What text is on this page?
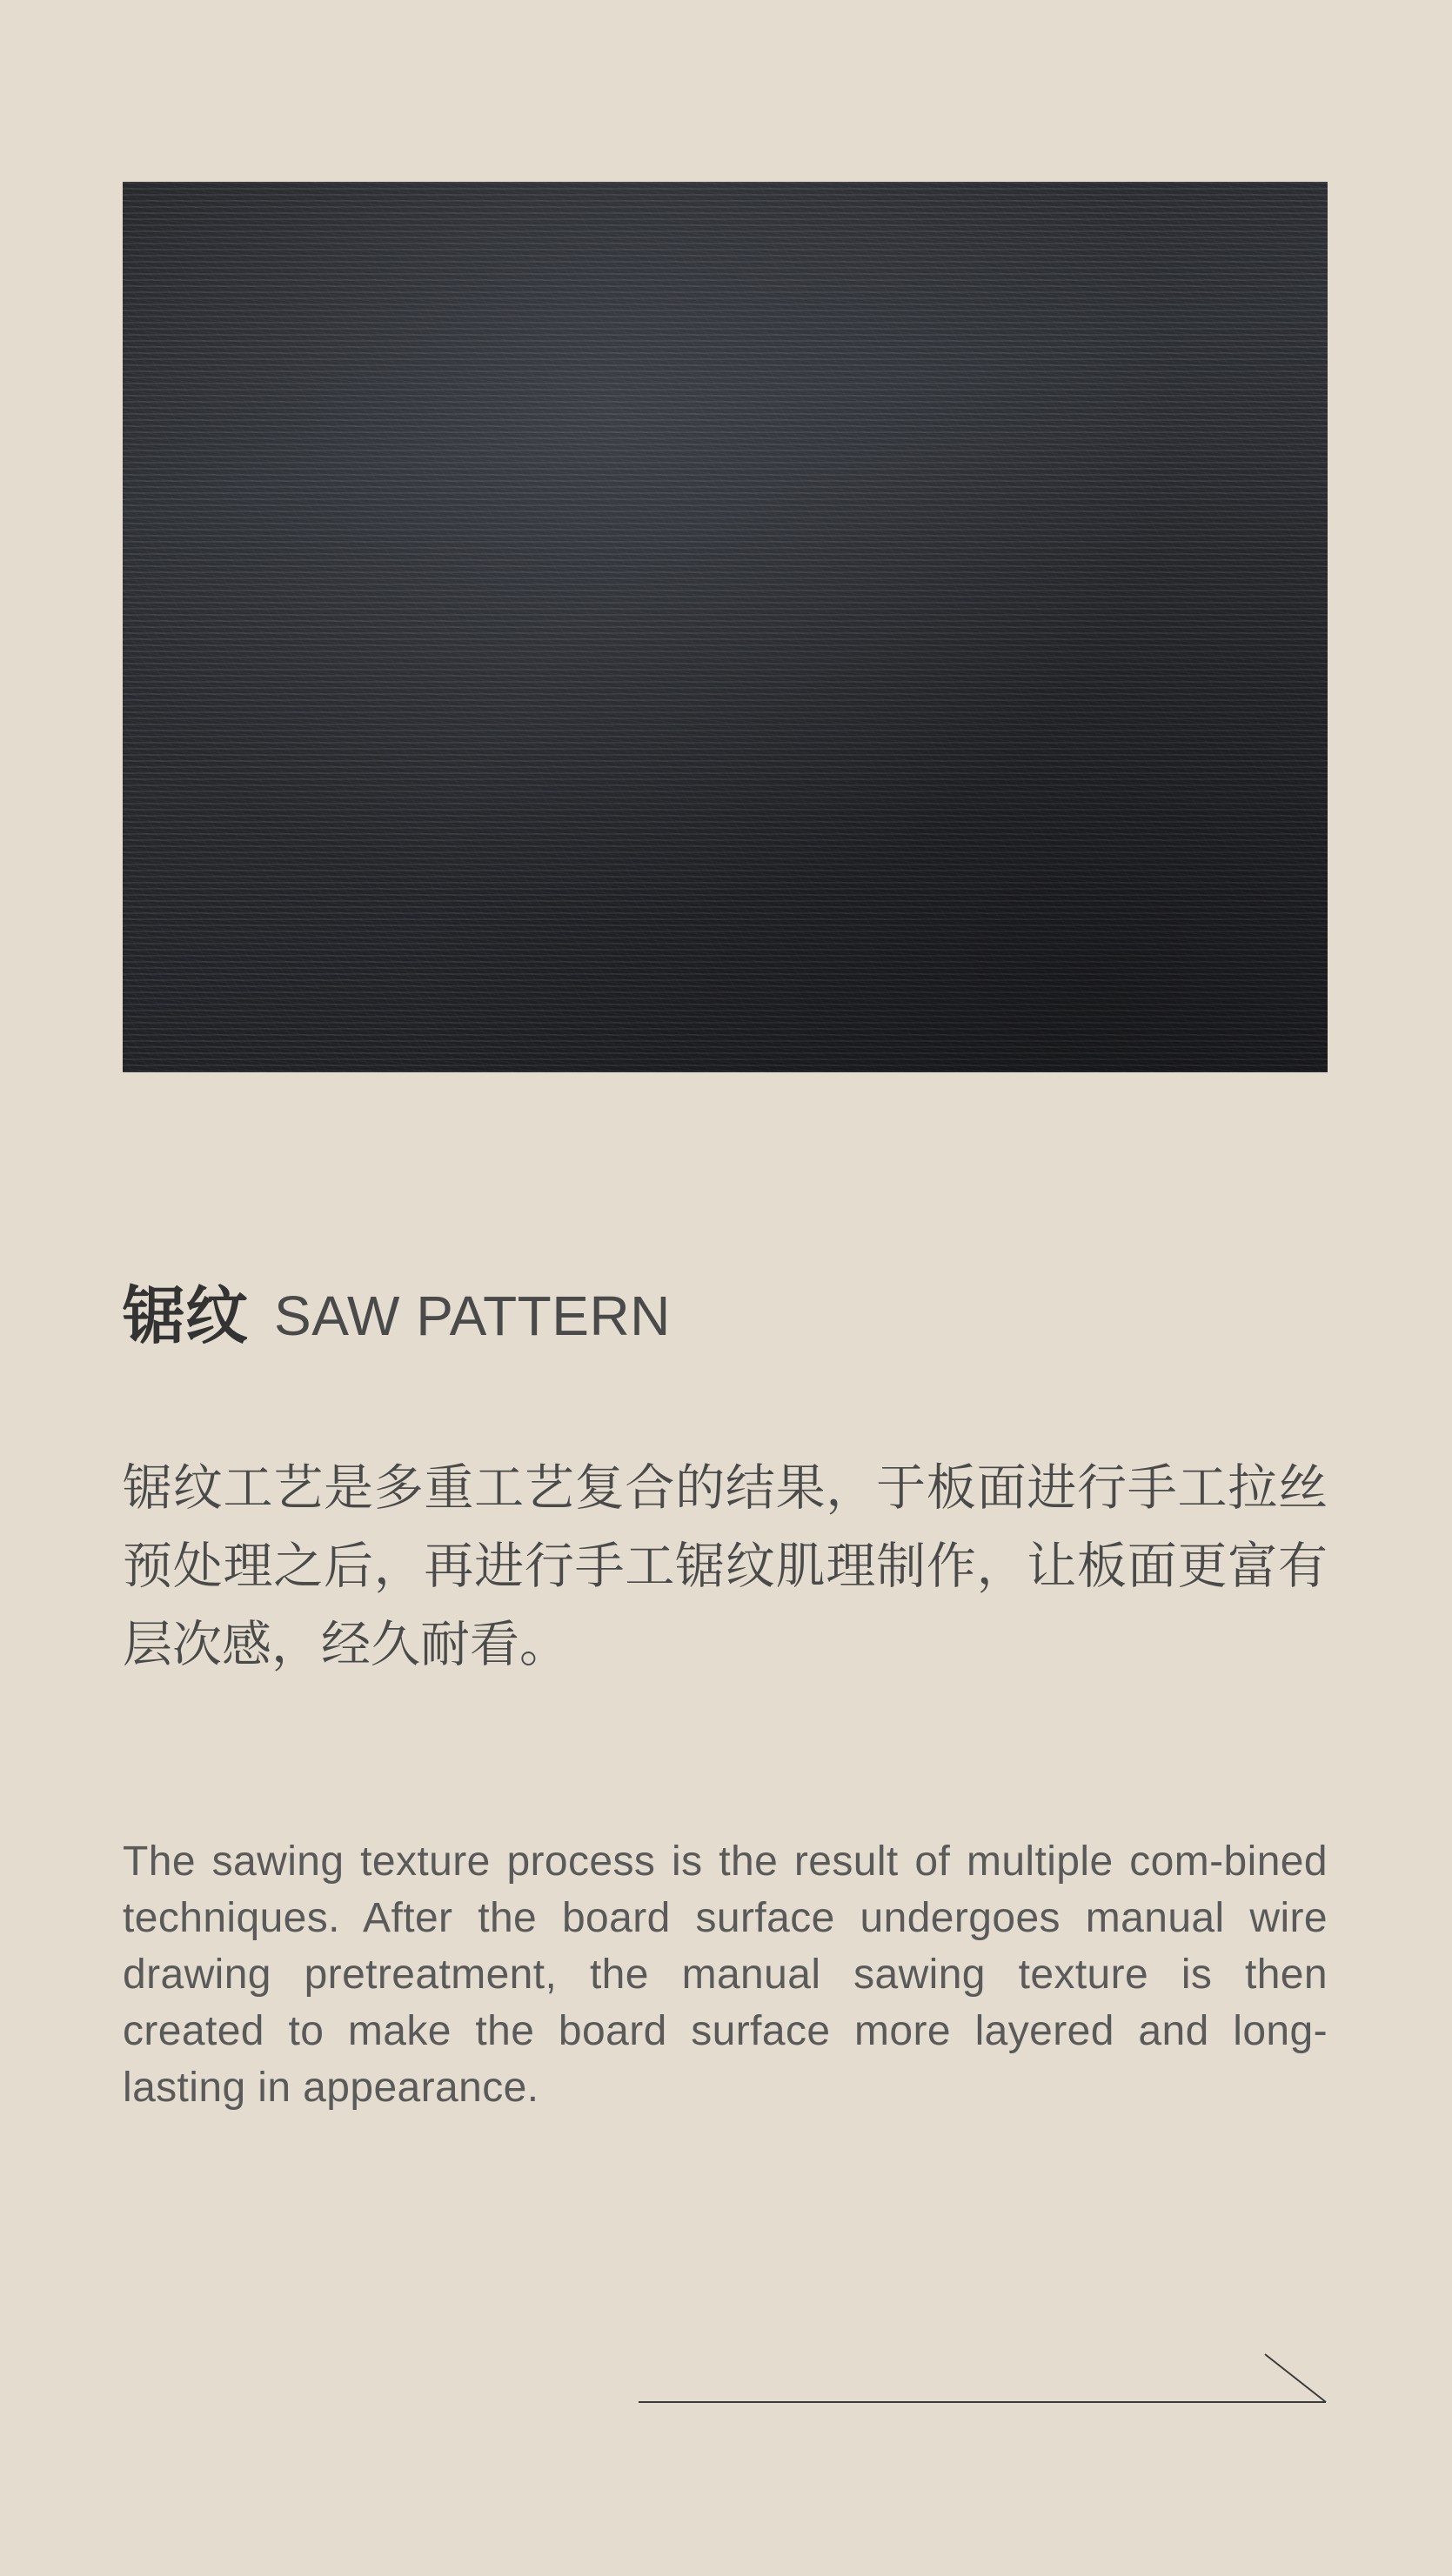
锯纹 SAW PATTERN

锯纹工艺是多重工艺复合的结果，于板面进行手工拉丝预处理之后，再进行手工锯纹肌理制作，让板面更富有层次感，经久耐看。

The sawing texture process is the result of multiple com-bined techniques. After the board surface undergoes manual wire drawing pretreatment, the manual sawing texture is then created to make the board surface more layered and long-lasting in appearance.
